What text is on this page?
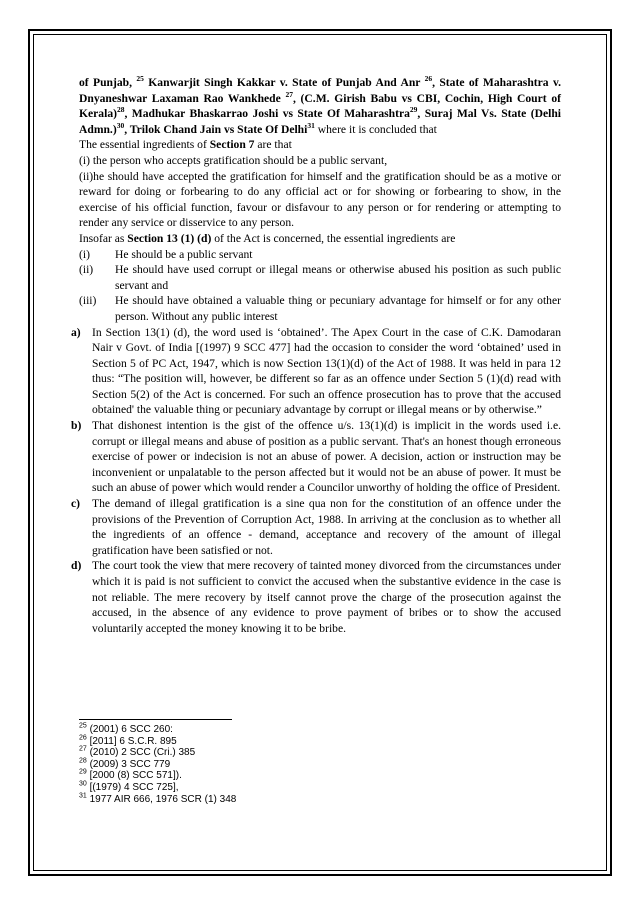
of Punjab, $^{25}$ Kanwarjit Singh Kakkar v. State of Punjab And Anr $^{26}$, State of Maharashtra v. Dnyaneshwar Laxaman Rao Wankhede $^{27}$, (C.M. Girish Babu vs CBI, Cochin, High Court of Kerala)$^{28}$, Madhukar Bhaskarrao Joshi vs State Of Maharashtra$^{29}$, Suraj Mal Vs. State (Delhi Admn.)$^{30}$, Trilok Chand Jain vs State Of Delhi$^{31}$ where it is concluded that

The essential ingredients of Section 7 are that

(i) the person who accepts gratification should be a public servant,

(ii)he should have accepted the gratification for himself and the gratification should be as a motive or reward for doing or forbearing to do any official act or for showing or forbearing to show, in the exercise of his official function, favour or disfavour to any person or for rendering or attempting to render any service or disservice to any person.

Insofar as Section 13 (1) (d) of the Act is concerned, the essential ingredients are

(i)	He should be a public servant
(ii)	He should have used corrupt or illegal means or otherwise abused his position as such public servant and
(iii)	He should have obtained a valuable thing or pecuniary advantage for himself or for any other person. Without any public interest
a) In Section 13(1) (d), the word used is ‘obtained’. The Apex Court in the case of C.K. Damodaran Nair v Govt. of India [(1997) 9 SCC 477] had the occasion to consider the word ‘obtained’ used in Section 5 of PC Act, 1947, which is now Section 13(1)(d) of the Act of 1988. It was held in para 12 thus: “The position will, however, be different so far as an offence under Section 5 (1)(d) read with Section 5(2) of the Act is concerned. For such an offence prosecution has to prove that the accused obtained' the valuable thing or pecuniary advantage by corrupt or illegal means or by otherwise.”
b) That dishonest intention is the gist of the offence u/s. 13(1)(d) is implicit in the words used i.e. corrupt or illegal means and abuse of position as a public servant. That's an honest though erroneous exercise of power or indecision is not an abuse of power. A decision, action or instruction may be inconvenient or unpalatable to the person affected but it would not be an abuse of power. It must be such an abuse of power which would render a Councilor unworthy of holding the office of President.
c)	The demand of illegal gratification is a sine qua non for the constitution of an offence under the provisions of the Prevention of Corruption Act, 1988. In arriving at the conclusion as to whether all the ingredients of an offence - demand, acceptance and recovery of the amount of illegal gratification have been satisfied or not.
d) The court took the view that mere recovery of tainted money divorced from the circumstances under which it is paid is not sufficient to convict the accused when the substantive evidence in the case is not reliable. The mere recovery by itself cannot prove the charge of the prosecution against the accused, in the absence of any evidence to prove payment of bribes or to show the accused voluntarily accepted the money knowing it to be bribe.
$^{25}$ (2001) 6 SCC 260:
$^{26}$ [2011] 6 S.C.R. 895
$^{27}$ (2010) 2 SCC (Cri.) 385
$^{28}$ (2009) 3 SCC 779
$^{29}$ [2000 (8) SCC 571]).
$^{30}$ [(1979) 4 SCC 725],
$^{31}$ 1977 AIR 666, 1976 SCR (1) 348
